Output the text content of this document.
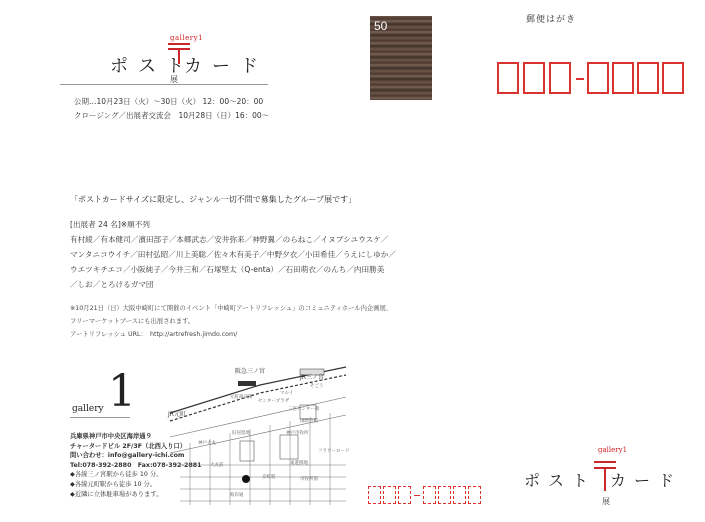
gallery1
ポスト
カード
展
公期…10月23日（火）〜30日（火） 12：00〜20：00
クロージング／出展者交流会　10月28日（日）16：00〜
50	郵便はがき
「ポストカードサイズに限定し、ジャンル一切不問で募集したグループ展です」
[出展者 24 名]※順不列
有村綾／有本健司／濱田部子／本郷武志／安井弥来／神野翼／のらねこ／イヌブシユウスケ／
マンタニコウイチ／田村弘昭／川上美聡／佐々木有美子／中野夕衣／小田希佳／うえにしゆか／
ウエツキチエコ／小阪純子／今井三和／石塚堅太（Q-enta）／石田萌衣／のんち／内田勝美
／しお／とろけるガマ団
※10月21日（日）大阪中崎町にて開催のイベント「中崎町アートリフレッシュ」のコミュニティホール内企画展、
フリーマーケットブースにも出展されます。
アートリフレッシュ URL：　http://artrefresh.jimdo.com/
gallery 1
兵庫県神戸市中央区海岸通９
チャータードビル 2F/3F（北西入り口）
問い合わせ：info@gallery-ichi.com
Tel:078-392-2880　Fax:078-392-2881
◆各線三ノ宮駅から徒歩 10 分。
◆各線元町駅から徒歩 10 分。
◆近隣に立体駐車場があります。
阪急三ノ宮
JR三ノ宮
JR元町
そごう
マルイ
センタープラザ
神戸大丸
三宮センター街
国際会館
神戸市役所
旧居留地
東遊園地
フラワーロード
元町商店街
大丸前
海岸通
京町筋	市役所前
gallery1
ポスト カード
展
